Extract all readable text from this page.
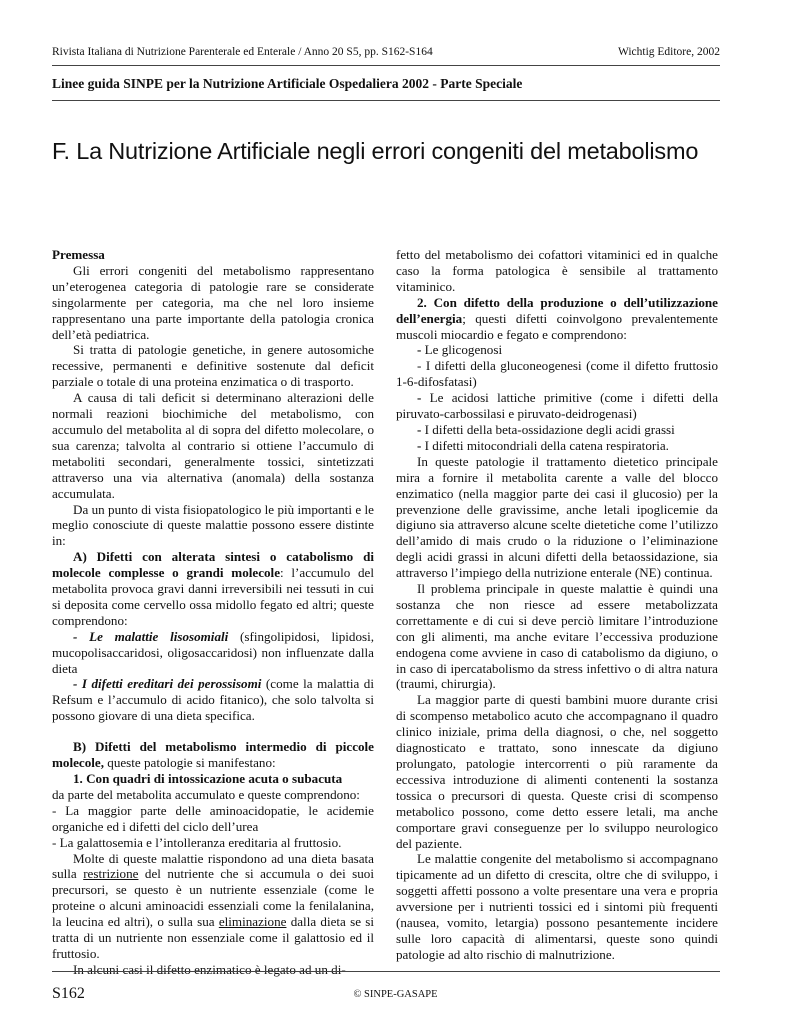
Rivista Italiana di Nutrizione Parenterale ed Enterale / Anno 20 S5, pp. S162-S164	Wichtig Editore, 2002
Linee guida SINPE per la Nutrizione Artificiale Ospedaliera 2002 - Parte Speciale
F. La Nutrizione Artificiale negli errori congeniti del metabolismo

Premessa

Gli errori congeniti del metabolismo rappresentano un’eterogenea categoria di patologie rare se considerate singolarmente per categoria, ma che nel loro insieme rappresentano una parte importante della patologia cronica dell’età pediatrica.

Si tratta di patologie genetiche, in genere autosomiche recessive, permanenti e definitive sostenute dal deficit parziale o totale di una proteina enzimatica o di trasporto.

A causa di tali deficit si determinano alterazioni delle normali reazioni biochimiche del metabolismo, con accumulo del metabolita al di sopra del difetto molecolare, o sua carenza; talvolta al contrario si ottiene l’accumulo di metaboliti secondari, generalmente tossici, sintetizzati attraverso una via alternativa (anomala) della sostanza accumulata.

Da un punto di vista fisiopatologico le più importanti e le meglio conosciute di queste malattie possono essere distinte in:

A) Difetti con alterata sintesi o catabolismo di molecole complesse o grandi molecole: l’accumulo del metabolita provoca gravi danni irreversibili nei tessuti in cui si deposita come cervello ossa midollo fegato ed altri; queste comprendono:

- Le malattie lisosomiali (sfingolipidosi, lipidosi, mucopolisaccaridosi, oligosaccaridosi) non influenzate dalla dieta

- I difetti ereditari dei perossisomi (come la malattia di Refsum e l’accumulo di acido fitanico), che solo talvolta si possono giovare di una dieta specifica.

B) Difetti del metabolismo intermedio di piccole molecole, queste patologie si manifestano:

1. Con quadri di intossicazione acuta o subacuta

da parte del metabolita accumulato e queste comprendono:

- La maggior parte delle aminoacidopatie, le acidemie organiche ed i difetti del ciclo dell’urea

- La galattosemia e l’intolleranza ereditaria al fruttosio.

Molte di queste malattie rispondono ad una dieta basata sulla restrizione del nutriente che si accumula o dei suoi precursori, se questo è un nutriente essenziale (come le proteine o alcuni aminoacidi essenziali come la fenilalanina, la leucina ed altri), o sulla sua eliminazione dalla dieta se si tratta di un nutriente non essenziale come il galattosio ed il fruttosio.

In alcuni casi il difetto enzimatico è legato ad un di-

fetto del metabolismo dei cofattori vitaminici ed in qualche caso la forma patologica è sensibile al trattamento vitaminico.

2. Con difetto della produzione o dell’utilizzazione dell’energia; questi difetti coinvolgono prevalentemente muscoli miocardio e fegato e comprendono:

- Le glicogenosi

- I difetti della gluconeogenesi (come il difetto fruttosio 1-6-difosfatasi)

- Le acidosi lattiche primitive (come i difetti della piruvato-carbossilasi e piruvato-deidrogenasi)

- I difetti della beta-ossidazione degli acidi grassi

- I difetti mitocondriali della catena respiratoria.

In queste patologie il trattamento dietetico principale mira a fornire il metabolita carente a valle del blocco enzimatico (nella maggior parte dei casi il glucosio) per la prevenzione delle gravissime, anche letali ipoglicemie da digiuno sia attraverso alcune scelte dietetiche come l’utilizzo dell’amido di mais crudo o la riduzione o l’eliminazione degli acidi grassi in alcuni difetti della betaossidazione, sia attraverso l’impiego della nutrizione enterale (NE) continua.

Il problema principale in queste malattie è quindi una sostanza che non riesce ad essere metabolizzata correttamente e di cui si deve perciò limitare l’introduzione con gli alimenti, ma anche evitare l’eccessiva produzione endogena come avviene in caso di catabolismo da digiuno, o in caso di ipercatabolismo da stress infettivo o di altra natura (traumi, chirurgia).

La maggior parte di questi bambini muore durante crisi di scompenso metabolico acuto che accompagnano il quadro clinico iniziale, prima della diagnosi, o che, nel soggetto diagnosticato e trattato, sono innescate da digiuno prolungato, patologie intercorrenti o più raramente da eccessiva introduzione di alimenti contenenti la sostanza tossica o precursori di questa. Queste crisi di scompenso metabolico possono, come detto essere letali, ma anche comportare gravi conseguenze per lo sviluppo neurologico del paziente.

Le malattie congenite del metabolismo si accompagnano tipicamente ad un difetto di crescita, oltre che di sviluppo, i soggetti affetti possono a volte presentare una vera e propria avversione per i nutrienti tossici ed i sintomi più frequenti (nausea, vomito, letargia) possono pesantemente incidere sulle loro capacità di alimentarsi, queste sono quindi patologie ad alto rischio di malnutrizione.

S162	© SINPE-GASAPE
